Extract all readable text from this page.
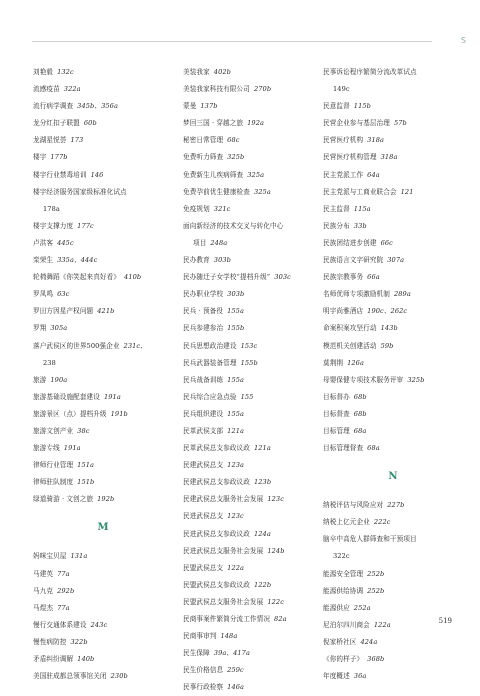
S
刘艳毅 132c
流感疫苗 322a
流行病学调查 345b、356a
龙分红扣子联盟 60b
龙湖星悦荟 173
楼宇 177b
楼宇行业禁毒培训 146
楼宇经济服务国家级标准化试点
178a
楼宇支撑力度 177c
卢洪客 445c
栾荣生 335a、444c
轮椅舞蹈《你笑起来真好看》 410b
罗凤鸣 63c
罗田方因星产权问题 421b
罗翔 305a
落户武侯区的世界500强企业 231c、
238
旅游 190a
旅游基础设施配套建设 191a
旅游景区（点）提档升级 191b
旅游文创产业 38c
旅游专线 191a
律师行业管理 151a
律师驻队制度 151b
绿道骑游 · 文创之旅 192b
M
妈咪宝贝屋 131a
马建英 77a
马九克 292b
马煜杰 77a
慢行交通体系建设 243c
慢性病防控 322b
矛盾纠纷调解 140b
美国驻成都总领事馆关闭 230b
美装我家 402b
美装我家科技有限公司 270b
蒙曼 137b
梦回三国 · 穿越之旅 192a
秘密日常管理 68c
免费听力筛查 325b
免费新生儿疾病筛查 325a
免费孕前优生健康检查 325a
免疫规划 321c
面向新经济的技术交叉与转化中心
项目 248a
民办教育 303b
民办随迁子女学校“提档升级” 303c
民办职业学校 303b
民兵 · 预备役 155a
民兵参建参治 155b
民兵思想政治建设 153c
民兵武器装备管理 155b
民兵战备训练 155a
民兵综合应急点验 155
民兵组织建设 155a
民革武侯支部 121a
民革武侯总支参政议政 121a
民建武侯总支 123a
民建武侯总支参政议政 123b
民建武侯总支服务社会发展 123c
民进武侯总支 123c
民进武侯总支参政议政 124a
民进武侯总支服务社会发展 124b
民盟武侯总支 122a
民盟武侯总支参政议政 122b
民盟武侯总支服务社会发展 122c
民商事案件繁简分流工作情况 82a
民商事审判 148a
民生保障 39a、417a
民生价格信息 259c
民事行政检察 146a
民事诉讼程序繁简分流改革试点
149c
民意监督 115b
民营企业参与基层治理 57b
民营医疗机构 318a
民营医疗机构管理 318a
民主党派工作 64a
民主党派与工商业联合会 121
民主监督 115a
民族分布 33b
民族团结进步创建 66c
民族语言文字研究院 307a
民族宗教事务 66a
名师优师专项激励机制 289a
明宇尚雅酒店 190c、262c
命案积案攻坚行动 143b
模范机关创建活动 59b
莫荆荆 126a
母婴保健专项技术服务评审 325b
目标督办 68b
目标督查 68b
目标管理 68a
目标管理督查 68a
N
纳税评估与风险应对 227b
纳税上亿元企业 222c
脑卒中高危人群筛查和干预项目
322c
能源安全管理 252b
能源供给协调 252b
能源供应 252a
尼泊尔四川商会 122a
倪家桥社区 424a
《你的样子》 368b
年度概述 36a
519
